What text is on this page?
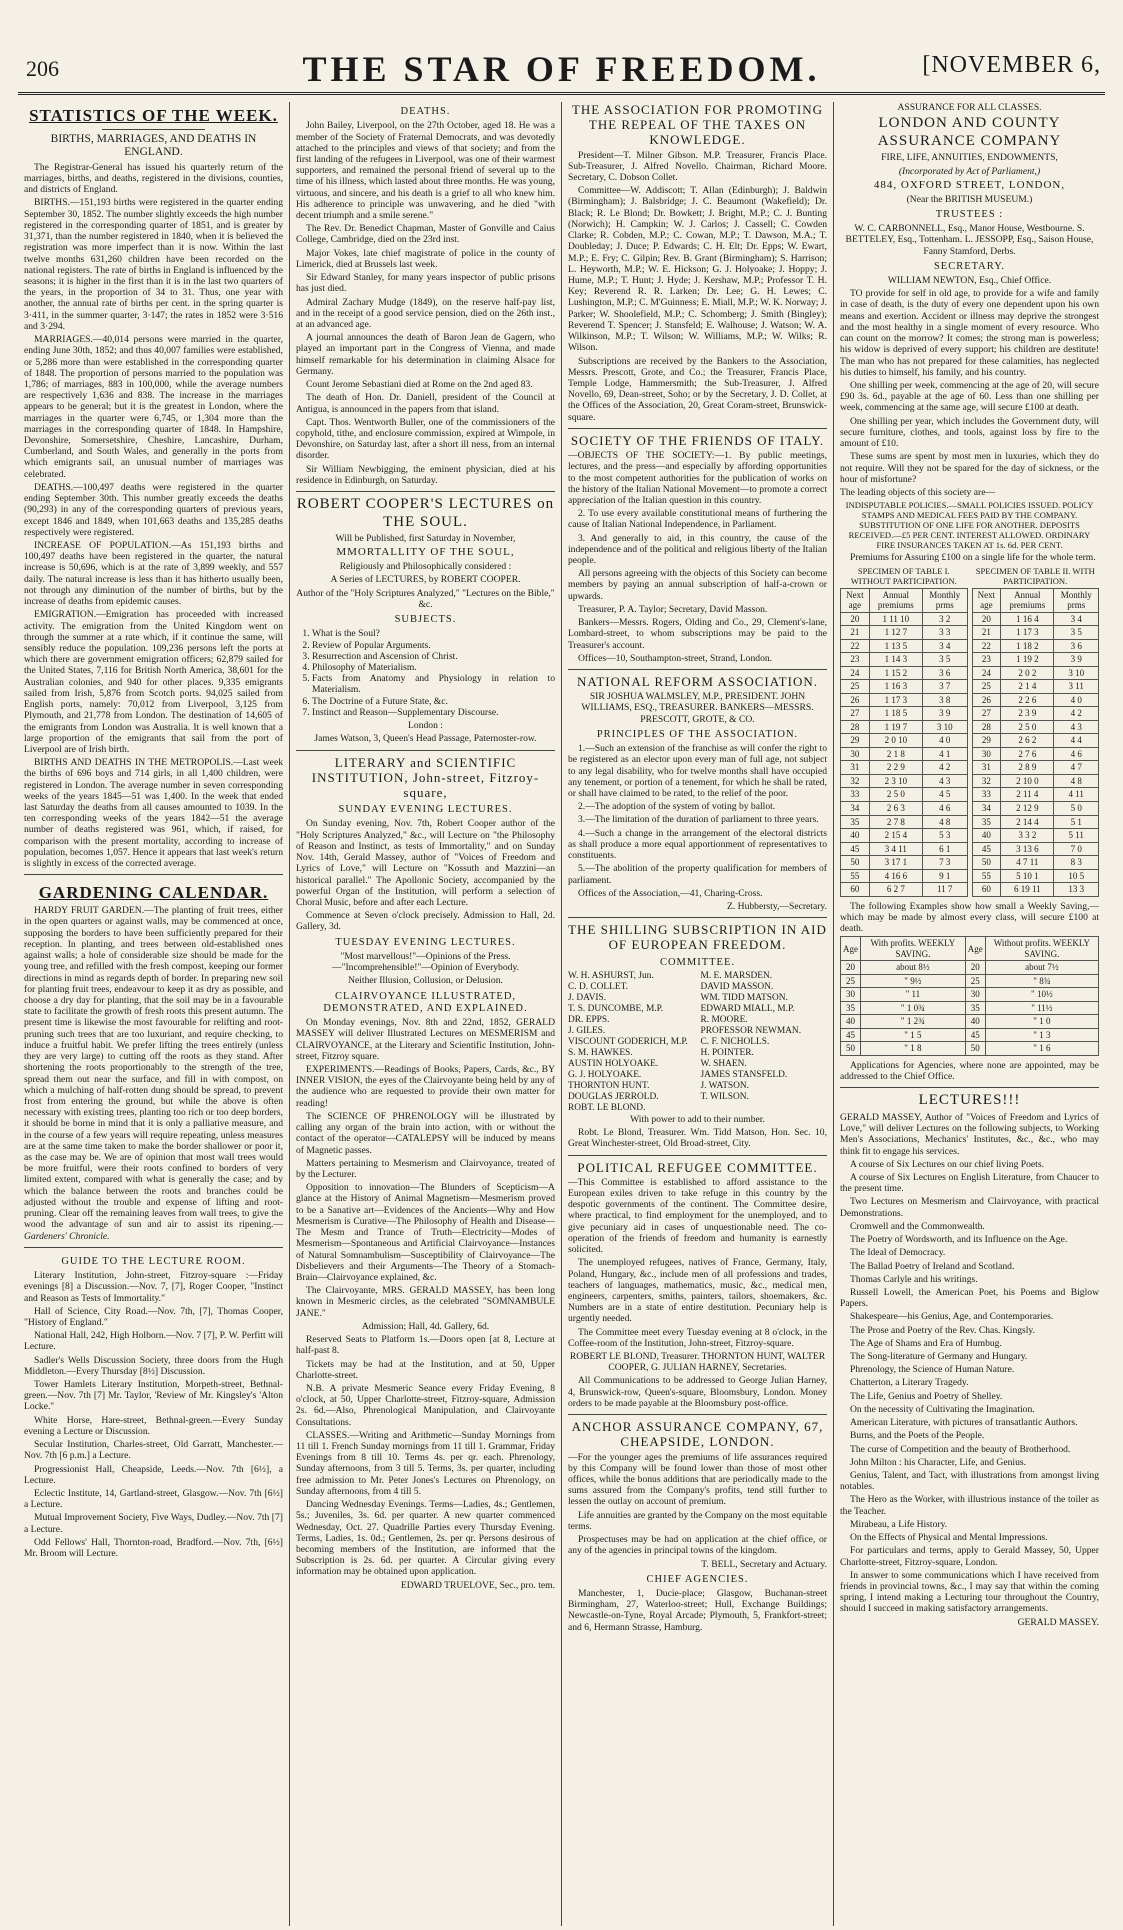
206	THE STAR OF FREEDOM.	[NOVEMBER 6,
STATISTICS OF THE WEEK.
BIRTHS, MARRIAGES, AND DEATHS IN ENGLAND.

The Registrar-General has issued his quarterly return of the marriages, births, and deaths, registered in the divisions, counties, and districts of England.

BIRTHS.—151,193 births were registered in the quarter ending September 30, 1852. The number slightly exceeds the high number registered in the corresponding quarter of 1851, and is greater by 31,371, than the number registered in 1840, when it is believed the registration was more imperfect than it is now. Within the last twelve months 631,260 children have been recorded on the national registers. The rate of births in England is influenced by the seasons; it is higher in the first than it is in the last two quarters of the years, in the proportion of 34 to 31. Thus, one year with another, the annual rate of births per cent. in the spring quarter is 3·411, in the summer quarter, 3·147; the rates in 1852 were 3·516 and 3·294.

MARRIAGES.—40,014 persons were married in the quarter, ending June 30th, 1852; and thus 40,007 families were established, or 5,286 more than were established in the corresponding quarter of 1848. The proportion of persons married to the population was 1,786; of marriages, 883 in 100,000, while the average numbers are respectively 1,636 and 838. The increase in the marriages appears to be general; but it is the greatest in London, where the marriages in the quarter were 6,745, or 1,304 more than the marriages in the corresponding quarter of 1848. In Hampshire, Devonshire, Somersetshire, Cheshire, Lancashire, Durham, Cumberland, and South Wales, and generally in the ports from which emigrants sail, an unusual number of marriages was celebrated.

DEATHS.—100,497 deaths were registered in the quarter ending September 30th. This number greatly exceeds the deaths (90,293) in any of the corresponding quarters of previous years, except 1846 and 1849, when 101,663 deaths and 135,285 deaths respectively were registered.

INCREASE OF POPULATION.—As 151,193 births and 100,497 deaths have been registered in the quarter, the natural increase is 50,696, which is at the rate of 3,899 weekly, and 557 daily. The natural increase is less than it has hitherto usually been, not through any diminution of the number of births, but by the increase of deaths from epidemic causes.

EMIGRATION.—Emigration has proceeded with increased activity. The emigration from the United Kingdom went on through the summer at a rate which, if it continue the same, will sensibly reduce the population. 109,236 persons left the ports at which there are government emigration officers; 62,879 sailed for the United States, 7,116 for British North America, 38,601 for the Australian colonies, and 940 for other places. 9,335 emigrants sailed from Irish, 5,876 from Scotch ports. 94,025 sailed from English ports, namely: 70,012 from Liverpool, 3,125 from Plymouth, and 21,778 from London. The destination of 14,605 of the emigrants from London was Australia. It is well known that a large proportion of the emigrants that sail from the port of Liverpool are of Irish birth.

BIRTHS AND DEATHS IN THE METROPOLIS.—Last week the births of 696 boys and 714 girls, in all 1,400 children, were registered in London. The average number in seven corresponding weeks of the years 1845—51 was 1,400. In the week that ended last Saturday the deaths from all causes amounted to 1039. In the ten corresponding weeks of the years 1842—51 the average number of deaths registered was 961, which, if raised, for comparison with the present mortality, according to increase of population, becomes 1,057. Hence it appears that last week's return is slightly in excess of the corrected average.

GARDENING CALENDAR.

HARDY FRUIT GARDEN.—The planting of fruit trees, either in the open quarters or against walls, may be commenced at once, supposing the borders to have been sufficiently prepared for their reception. In planting, and trees between old-established ones against walls; a hole of considerable size should be made for the young tree, and refilled with the fresh compost, keeping our former directions in mind as regards depth of border. In preparing new soil for planting fruit trees, endeavour to keep it as dry as possible, and choose a dry day for planting, that the soil may be in a favourable state to facilitate the growth of fresh roots this present autumn. The present time is likewise the most favourable for relifting and root-pruning such trees that are too luxuriant, and require checking, to induce a fruitful habit. We prefer lifting the trees entirely (unless they are very large) to cutting off the roots as they stand. After shortening the roots proportionably to the strength of the tree, spread them out near the surface, and fill in with compost, on which a mulching of half-rotten dung should be spread, to prevent frost from entering the ground, but while the above is often necessary with existing trees, planting too rich or too deep borders, it should be borne in mind that it is only a palliative measure, and in the course of a few years will require repeating, unless measures are at the same time taken to make the border shallower or poor it, as the case may be. We are of opinion that most wall trees would be more fruitful, were their roots confined to borders of very limited extent, compared with what is generally the case; and by which the balance between the roots and branches could be adjusted without the trouble and expense of lifting and root-pruning. Clear off the remaining leaves from wall trees, to give the wood the advantage of sun and air to assist its ripening.—Gardeners' Chronicle.

GUIDE TO THE LECTURE ROOM.

Literary Institution, John-street, Fitzroy-square :—Friday evenings [8] a Discussion.—Nov. 7, [7], Roger Cooper, "Instinct and Reason as Tests of Immortality."

Hall of Science, City Road.—Nov. 7th, [7], Thomas Cooper, "History of England."

National Hall, 242, High Holborn.—Nov. 7 [7], P. W. Perfitt will Lecture.

Sadler's Wells Discussion Society, three doors from the Hugh Middleton.—Every Thursday [8½] Discussion.

Tower Hamlets Literary Institution, Morpeth-street, Bethnal-green.—Nov. 7th [7] Mr. Taylor, 'Review of Mr. Kingsley's 'Alton Locke.''

White Horse, Hare-street, Bethnal-green.—Every Sunday evening a Lecture or Discussion.

Secular Institution, Charles-street, Old Garratt, Manchester.—Nov. 7th [6 p.m.] a Lecture.

Progressionist Hall, Cheapside, Leeds.—Nov. 7th [6½], a Lecture.

Eclectic Institute, 14, Gartland-street, Glasgow.—Nov. 7th [6½] a Lecture.

Mutual Improvement Society, Five Ways, Dudley.—Nov. 7th [7] a Lecture.

Odd Fellows' Hall, Thornton-road, Bradford.—Nov. 7th, [6½] Mr. Broom will Lecture.

DEATHS.

John Bailey, Liverpool, on the 27th October, aged 18. He was a member of the Society of Fraternal Democrats, and was devotedly attached to the principles and views of that society; and from the first landing of the refugees in Liverpool, was one of their warmest supporters, and remained the personal friend of several up to the time of his illness, which lasted about three months. He was young, virtuous, and sincere, and his death is a grief to all who knew him. His adherence to principle was unwavering, and he died "with decent triumph and a smile serene."

The Rev. Dr. Benedict Chapman, Master of Gonville and Caius College, Cambridge, died on the 23rd inst.

Major Vokes, late chief magistrate of police in the county of Limerick, died at Brussels last week.

Sir Edward Stanley, for many years inspector of public prisons has just died.

Admiral Zachary Mudge (1849), on the reserve half-pay list, and in the receipt of a good service pension, died on the 26th inst., at an advanced age.

A journal announces the death of Baron Jean de Gagern, who played an important part in the Congress of Vienna, and made himself remarkable for his determination in claiming Alsace for Germany.

Count Jerome Sebastiani died at Rome on the 2nd aged 83.

The death of Hon. Dr. Daniell, president of the Council at Antigua, is announced in the papers from that island.

Capt. Thos. Wentworth Buller, one of the commissioners of the copyhold, tithe, and enclosure commission, expired at Wimpole, in Devonshire, on Saturday last, after a short ill ness, from an internal disorder.

Sir William Newbigging, the eminent physician, died at his residence in Edinburgh, on Saturday.

ROBERT COOPER'S LECTURES on THE SOUL.

Will be Published, first Saturday in November,

MMORTALLITY OF THE SOUL,

Religiously and Philosophically considered :

A Series of LECTURES, by ROBERT COOPER.

Author of the "Holy Scriptures Analyzed," "Lectures on the Bible," &c.

SUBJECTS.
1. What is the Soul?
2. Review of Popular Arguments.
3. Resurrection and Ascension of Christ.
4. Philosophy of Materialism.
5. Facts from Anatomy and Physiology in relation to Materialism.
6. The Doctrine of a Future State, &c.
7. Instinct and Reason—Supplementary Discourse.

London :

James Watson, 3, Queen's Head Passage, Paternoster-row.

LITERARY and SCIENTIFIC INSTITUTION, John-street, Fitzroy-square,
SUNDAY EVENING LECTURES.

On Sunday evening, Nov. 7th, Robert Cooper author of the "Holy Scriptures Analyzed," &c., will Lecture on "the Philosophy of Reason and Instinct, as tests of Immortality," and on Sunday Nov. 14th, Gerald Massey, author of "Voices of Freedom and Lyrics of Love," will Lecture on "Kossuth and Mazzini—an historical parallel." The Apollonic Society, accompanied by the powerful Organ of the Institution, will perform a selection of Choral Music, before and after each Lecture.

Commence at Seven o'clock precisely. Admission to Hall, 2d. Gallery, 3d.

TUESDAY EVENING LECTURES.

"Most marvellous!"—Opinions of the Press.—"Incomprehensible!"—Opinion of Everybody.

Neither Illusion, Collusion, or Delusion.

CLAIRVOYANCE ILLUSTRATED, DEMONSTRATED, AND EXPLAINED.

On Monday evenings, Nov. 8th and 22nd, 1852, GERALD MASSEY will deliver Illustrated Lectures on MESMERISM and CLAIRVOYANCE, at the Literary and Scientific Institution, John-street, Fitzroy square.

EXPERIMENTS.—Readings of Books, Papers, Cards, &c., BY INNER VISION, the eyes of the Clairvoyante being held by any of the audience who are requested to provide their own matter for reading!

The SCIENCE OF PHRENOLOGY will be illustrated by calling any organ of the brain into action, with or without the contact of the operator—CATALEPSY will be induced by means of Magnetic passes.

Matters pertaining to Mesmerism and Clairvoyance, treated of by the Lecturer.

Opposition to innovation—The Blunders of Scepticism—A glance at the History of Animal Magnetism—Mesmerism proved to be a Sanative art—Evidences of the Ancients—Why and How Mesmerism is Curative—The Philosophy of Health and Disease—The Mesm and Trance of Truth—Electricity—Modes of Mesmerism—Spontaneous and Artificial Clairvoyance—Instances of Natural Somnambulism—Susceptibility of Clairvoyance—The Disbelievers and their Arguments—The Theory of a Stomach-Brain—Clairvoyance explained, &c.

The Clairvoyante, MRS. GERALD MASSEY, has been long known in Mesmeric circles, as the celebrated "SOMNAMBULE JANE."

Admission; Hall, 4d. Gallery, 6d.

Reserved Seats to Platform 1s.—Doors open [at 8, Lecture at half-past 8.

Tickets may be had at the Institution, and at 50, Upper Charlotte-street.

N.B. A private Mesmeric Seance every Friday Evening, 8 o'clock, at 50, Upper Charlotte-street, Fitzroy-square, Admission 2s. 6d.—Also, Phrenological Manipulation, and Clairvoyante Consultations.

CLASSES.—Writing and Arithmetic—Sunday Mornings from 11 till 1. French Sunday mornings from 11 till 1. Grammar, Friday Evenings from 8 till 10. Terms 4s. per qr. each. Phrenology, Sunday afternoons, from 3 till 5. Terms, 3s. per quarter, including free admission to Mr. Peter Jones's Lectures on Phrenology, on Sunday afternoons, from 4 till 5.

Dancing Wednesday Evenings. Terms—Ladies, 4s.; Gentlemen, 5s.; Juveniles, 3s. 6d. per quarter. A new quarter commenced Wednesday, Oct. 27. Quadrille Parties every Thursday Evening. Terms, Ladies, 1s. 0d.; Gentlemen, 2s. per qr. Persons desirous of becoming members of the Institution, are informed that the Subscription is 2s. 6d. per quarter. A Circular giving every information may be obtained upon application.

EDWARD TRUELOVE, Sec., pro. tem.

THE ASSOCIATION FOR PROMOTING THE REPEAL OF THE TAXES ON KNOWLEDGE.

President—T. Milner Gibson. M.P. Treasurer, Francis Place. Sub-Treasurer, J. Alfred Novello. Chairman, Richard Moore. Secretary, C. Dobson Collet.

Committee—W. Addiscott; T. Allan (Edinburgh); J. Baldwin (Birmingham); J. Balsbridge; J. C. Beaumont (Wakefield); Dr. Black; R. Le Blond; Dr. Bowkett; J. Bright, M.P.; C. J. Bunting (Norwich); H. Campkin; W. J. Carlos; J. Cassell; C. Cowden Clarke; R. Cobden, M.P.; C. Cowan, M.P.; T. Dawson, M.A.; T. Doubleday; J. Duce; P. Edwards; C. H. Elt; Dr. Epps; W. Ewart, M.P.; E. Fry; C. Gilpin; Rev. B. Grant (Birmingham); S. Harrison; L. Heyworth, M.P.; W. E. Hickson; G. J. Holyoake; J. Hoppy; J. Hume, M.P.; T. Hunt; J. Hyde; J. Kershaw, M.P.; Professor T. H. Key; Reverend R. R. Larken; Dr. Lee; G. H. Lewes; C. Lushington, M.P.; C. M'Guinness; E. Miall, M.P.; W. K. Norway; J. Parker; W. Shoolefield, M.P.; C. Schomberg; J. Smith (Bingley); Reverend T. Spencer; J. Stansfeld; E. Walhouse; J. Watson; W. A. Wilkinson, M.P.; T. Wilson; W. Williams, M.P.; W. Wilks; R. Wilson.

Subscriptions are received by the Bankers to the Association, Messrs. Prescott, Grote, and Co.; the Treasurer, Francis Place, Temple Lodge, Hammersmith; the Sub-Treasurer, J. Alfred Novello, 69, Dean-street, Soho; or by the Secretary, J. D. Collet, at the Offices of the Association, 20, Great Coram-street, Brunswick-square.

SOCIETY OF THE FRIENDS OF ITALY.

—OBJECTS OF THE SOCIETY:—1. By public meetings, lectures, and the press—and especially by affording opportunities to the most competent authorities for the publication of works on the history of the Italian National Movement—to promote a correct appreciation of the Italian question in this country.

2. To use every available constitutional means of furthering the cause of Italian National Independence, in Parliament.

3. And generally to aid, in this country, the cause of the independence and of the political and religious liberty of the Italian people.

All persons agreeing with the objects of this Society can become members by paying an annual subscription of half-a-crown or upwards.

Treasurer, P. A. Taylor; Secretary, David Masson.

Bankers—Messrs. Rogers, Olding and Co., 29, Clement's-lane, Lombard-street, to whom subscriptions may be paid to the Treasurer's account.

Offices—10, Southampton-street, Strand, London.

NATIONAL REFORM ASSOCIATION.

SIR JOSHUA WALMSLEY, M.P., PRESIDENT. JOHN WILLIAMS, ESQ., TREASURER. BANKERS—MESSRS. PRESCOTT, GROTE, & CO.

PRINCIPLES OF THE ASSOCIATION.

1.—Such an extension of the franchise as will confer the right to be registered as an elector upon every man of full age, not subject to any legal disability, who for twelve months shall have occupied any tenement, or portion of a tenement, for which he shall be rated, or shall have claimed to be rated, to the relief of the poor.

2.—The adoption of the system of voting by ballot.

3.—The limitation of the duration of parliament to three years.

4.—Such a change in the arrangement of the electoral districts as shall produce a more equal apportionment of representatives to constituents.

5.—The abolition of the property qualification for members of parliament.

Offices of the Association,—41, Charing-Cross.

Z. Hubbersty,—Secretary.

THE SHILLING SUBSCRIPTION IN AID OF EUROPEAN FREEDOM.
COMMITTEE.
W. H. ASHURST, Jun.
C. D. COLLET.
J. DAVIS.
T. S. DUNCOMBE, M.P.
DR. EPPS.
J. GILES.
VISCOUNT GODERICH, M.P.
S. M. HAWKES.
AUSTIN HOLYOAKE.
G. J. HOLYOAKE.
THORNTON HUNT.
DOUGLAS JERROLD.
ROBT. LE BLOND.
M. E. MARSDEN.
DAVID MASSON.
WM. TIDD MATSON.
EDWARD MIALL, M.P.
R. MOORE.
PROFESSOR NEWMAN.
C. F. NICHOLLS.
H. POINTER.
W. SHAEN.
JAMES STANSFELD.
J. WATSON.
T. WILSON.

With power to add to their number.

Robt. Le Blond, Treasurer. Wm. Tidd Matson, Hon. Sec. 10, Great Winchester-street, Old Broad-street, City.

POLITICAL REFUGEE COMMITTEE.

—This Committee is established to afford assistance to the European exiles driven to take refuge in this country by the despotic governments of the continent. The Committee desire, where practical, to find employment for the unemployed, and to give pecuniary aid in cases of unquestionable need. The co-operation of the friends of freedom and humanity is earnestly solicited.

The unemployed refugees, natives of France, Germany, Italy, Poland, Hungary, &c., include men of all professions and trades, teachers of languages, mathematics, music, &c., medical men, engineers, carpenters, smiths, painters, tailors, shoemakers, &c. Numbers are in a state of entire destitution. Pecuniary help is urgently needed.

The Committee meet every Tuesday evening at 8 o'clock, in the Coffee-room of the Institution, John-street, Fitzroy-square.

ROBERT LE BLOND, Treasurer. THORNTON HUNT, WALTER COOPER, G. JULIAN HARNEY, Secretaries.

All Communications to be addressed to George Julian Harney, 4, Brunswick-row, Queen's-square, Bloomsbury, London. Money orders to be made payable at the Bloomsbury post-office.

ANCHOR ASSURANCE COMPANY, 67, CHEAPSIDE, LONDON.

—For the younger ages the premiums of life assurances required by this Company will be found lower than those of most other offices, while the bonus additions that are periodically made to the sums assured from the Company's profits, tend still further to lessen the outlay on account of premium.

Life annuities are granted by the Company on the most equitable terms.

Prospectuses may be had on application at the chief office, or any of the agencies in principal towns of the kingdom.

T. BELL, Secretary and Actuary.

CHIEF AGENCIES.

Manchester, 1, Ducie-place; Glasgow, Buchanan-street Birmingham, 27, Waterloo-street; Hull, Exchange Buildings; Newcastle-on-Tyne, Royal Arcade; Plymouth, 5, Frankfort-street; and 6, Hermann Strasse, Hamburg.

ASSURANCE FOR ALL CLASSES.

LONDON AND COUNTY ASSURANCE COMPANY

FIRE, LIFE, ANNUITIES, ENDOWMENTS,

(Incorporated by Act of Parliament,)

484, OXFORD STREET, LONDON,

(Near the BRITISH MUSEUM.)

TRUSTEES :

W. C. CARBONNELL, Esq., Manor House, Westbourne. S. BETTELEY, Esq., Tottenham. L. JESSOPP, Esq., Saison House, Fanny Stamford, Derbs.

SECRETARY.

WILLIAM NEWTON, Esq., Chief Office.

TO provide for self in old age, to provide for a wife and family in case of death, is the duty of every one dependent upon his own means and exertion. Accident or illness may deprive the strongest and the most healthy in a single moment of every resource. Who can count on the morrow? It comes; the strong man is powerless; his widow is deprived of every support; his children are destitute! The man who has not prepared for these calamities, has neglected his duties to himself, his family, and his country.

One shilling per week, commencing at the age of 20, will secure £90 3s. 6d., payable at the age of 60. Less than one shilling per week, commencing at the same age, will secure £100 at death.

One shilling per year, which includes the Government duty, will secure furniture, clothes, and tools, against loss by fire to the amount of £10.

These sums are spent by most men in luxuries, which they do not require. Will they not be spared for the day of sickness, or the hour of misfortune?

The leading objects of this society are—

INDISPUTABLE POLICIES.—SMALL POLICIES ISSUED. POLICY STAMPS AND MEDICAL FEES PAID BY THE COMPANY. SUBSTITUTION OF ONE LIFE FOR ANOTHER. DEPOSITS RECEIVED.—£5 PER CENT. INTEREST ALLOWED. ORDINARY FIRE INSURANCES TAKEN AT 1s. 6d. PER CENT.

Premiums for Assuring £100 on a single life for the whole term.

SPECIMEN OF TABLE I. WITHOUT PARTICIPATION.

Next age	Annual premiums	Monthly prms
20	1 11 10	3 2
21	1 12 7	3 3
22	1 13 5	3 4
23	1 14 3	3 5
24	1 15 2	3 6
25	1 16 3	3 7
26	1 17 3	3 8
27	1 18 5	3 9
28	1 19 7	3 10
29	2 0 10	4 0
30	2 1 8	4 1
31	2 2 9	4 2
32	2 3 10	4 3
33	2 5 0	4 5
34	2 6 3	4 6
35	2 7 8	4 8
40	2 15 4	5 3
45	3 4 11	6 1
50	3 17 1	7 3
55	4 16 6	9 1
60	6 2 7	11 7

SPECIMEN OF TABLE II. WITH PARTICIPATION.

Next age	Annual premiums	Monthly prms
20	1 16 4	3 4
21	1 17 3	3 5
22	1 18 2	3 6
23	1 19 2	3 9
24	2 0 2	3 10
25	2 1 4	3 11
26	2 2 6	4 0
27	2 3 9	4 2
28	2 5 0	4 3
29	2 6 2	4 4
30	2 7 6	4 6
31	2 8 9	4 7
32	2 10 0	4 8
33	2 11 4	4 11
34	2 12 9	5 0
35	2 14 4	5 1
40	3 3 2	5 11
45	3 13 6	7 0
50	4 7 11	8 3
55	5 10 1	10 5
60	6 19 11	13 3

The following Examples show how small a Weekly Saving,—which may be made by almost every class, will secure £100 at death.

Age	With profits. WEEKLY SAVING.	Age	Without profits. WEEKLY SAVING.
20	about 8½	20	about 7½
25	" 9½	25	" 8¾
30	" 11	30	" 10½
35	" 1 0¾	35	" 11½
40	" 1 2¾	40	" 1 0
45	" 1 5	45	" 1 3
50	" 1 8	50	" 1 6

Applications for Agencies, where none are appointed, may be addressed to the Chief Office.

LECTURES!!!

GERALD MASSEY, Author of "Voices of Freedom and Lyrics of Love," will deliver Lectures on the following subjects, to Working Men's Associations, Mechanics' Institutes, &c., &c., who may think fit to engage his services.

A course of Six Lectures on our chief living Poets.

A course of Six Lectures on English Literature, from Chaucer to the present time.

Two Lectures on Mesmerism and Clairvoyance, with practical Demonstrations.

Cromwell and the Commonwealth.

The Poetry of Wordsworth, and its Influence on the Age.

The Ideal of Democracy.

The Ballad Poetry of Ireland and Scotland.

Thomas Carlyle and his writings.

Russell Lowell, the American Poet, his Poems and Biglow Papers.

Shakespeare—his Genius, Age, and Contemporaries.

The Prose and Poetry of the Rev. Chas. Kingsly.

The Age of Shams and Era of Humbug.

The Song-literature of Germany and Hungary.

Phrenology, the Science of Human Nature.

Chatterton, a Literary Tragedy.

The Life, Genius and Poetry of Shelley.

On the necessity of Cultivating the Imagination.

American Literature, with pictures of transatlantic Authors.

Burns, and the Poets of the People.

The curse of Competition and the beauty of Brotherhood.

John Milton : his Character, Life, and Genius.

Genius, Talent, and Tact, with illustrations from amongst living notables.

The Hero as the Worker, with illustrious instance of the toiler as the Teacher.

Mirabeau, a Life History.

On the Effects of Physical and Mental Impressions.

For particulars and terms, apply to Gerald Massey, 50, Upper Charlotte-street, Fitzroy-square, London.

In answer to some communications which I have received from friends in provincial towns, &c., I may say that within the coming spring, I intend making a Lecturing tour throughout the Country, should I succeed in making satisfactory arrangements.

GERALD MASSEY.
